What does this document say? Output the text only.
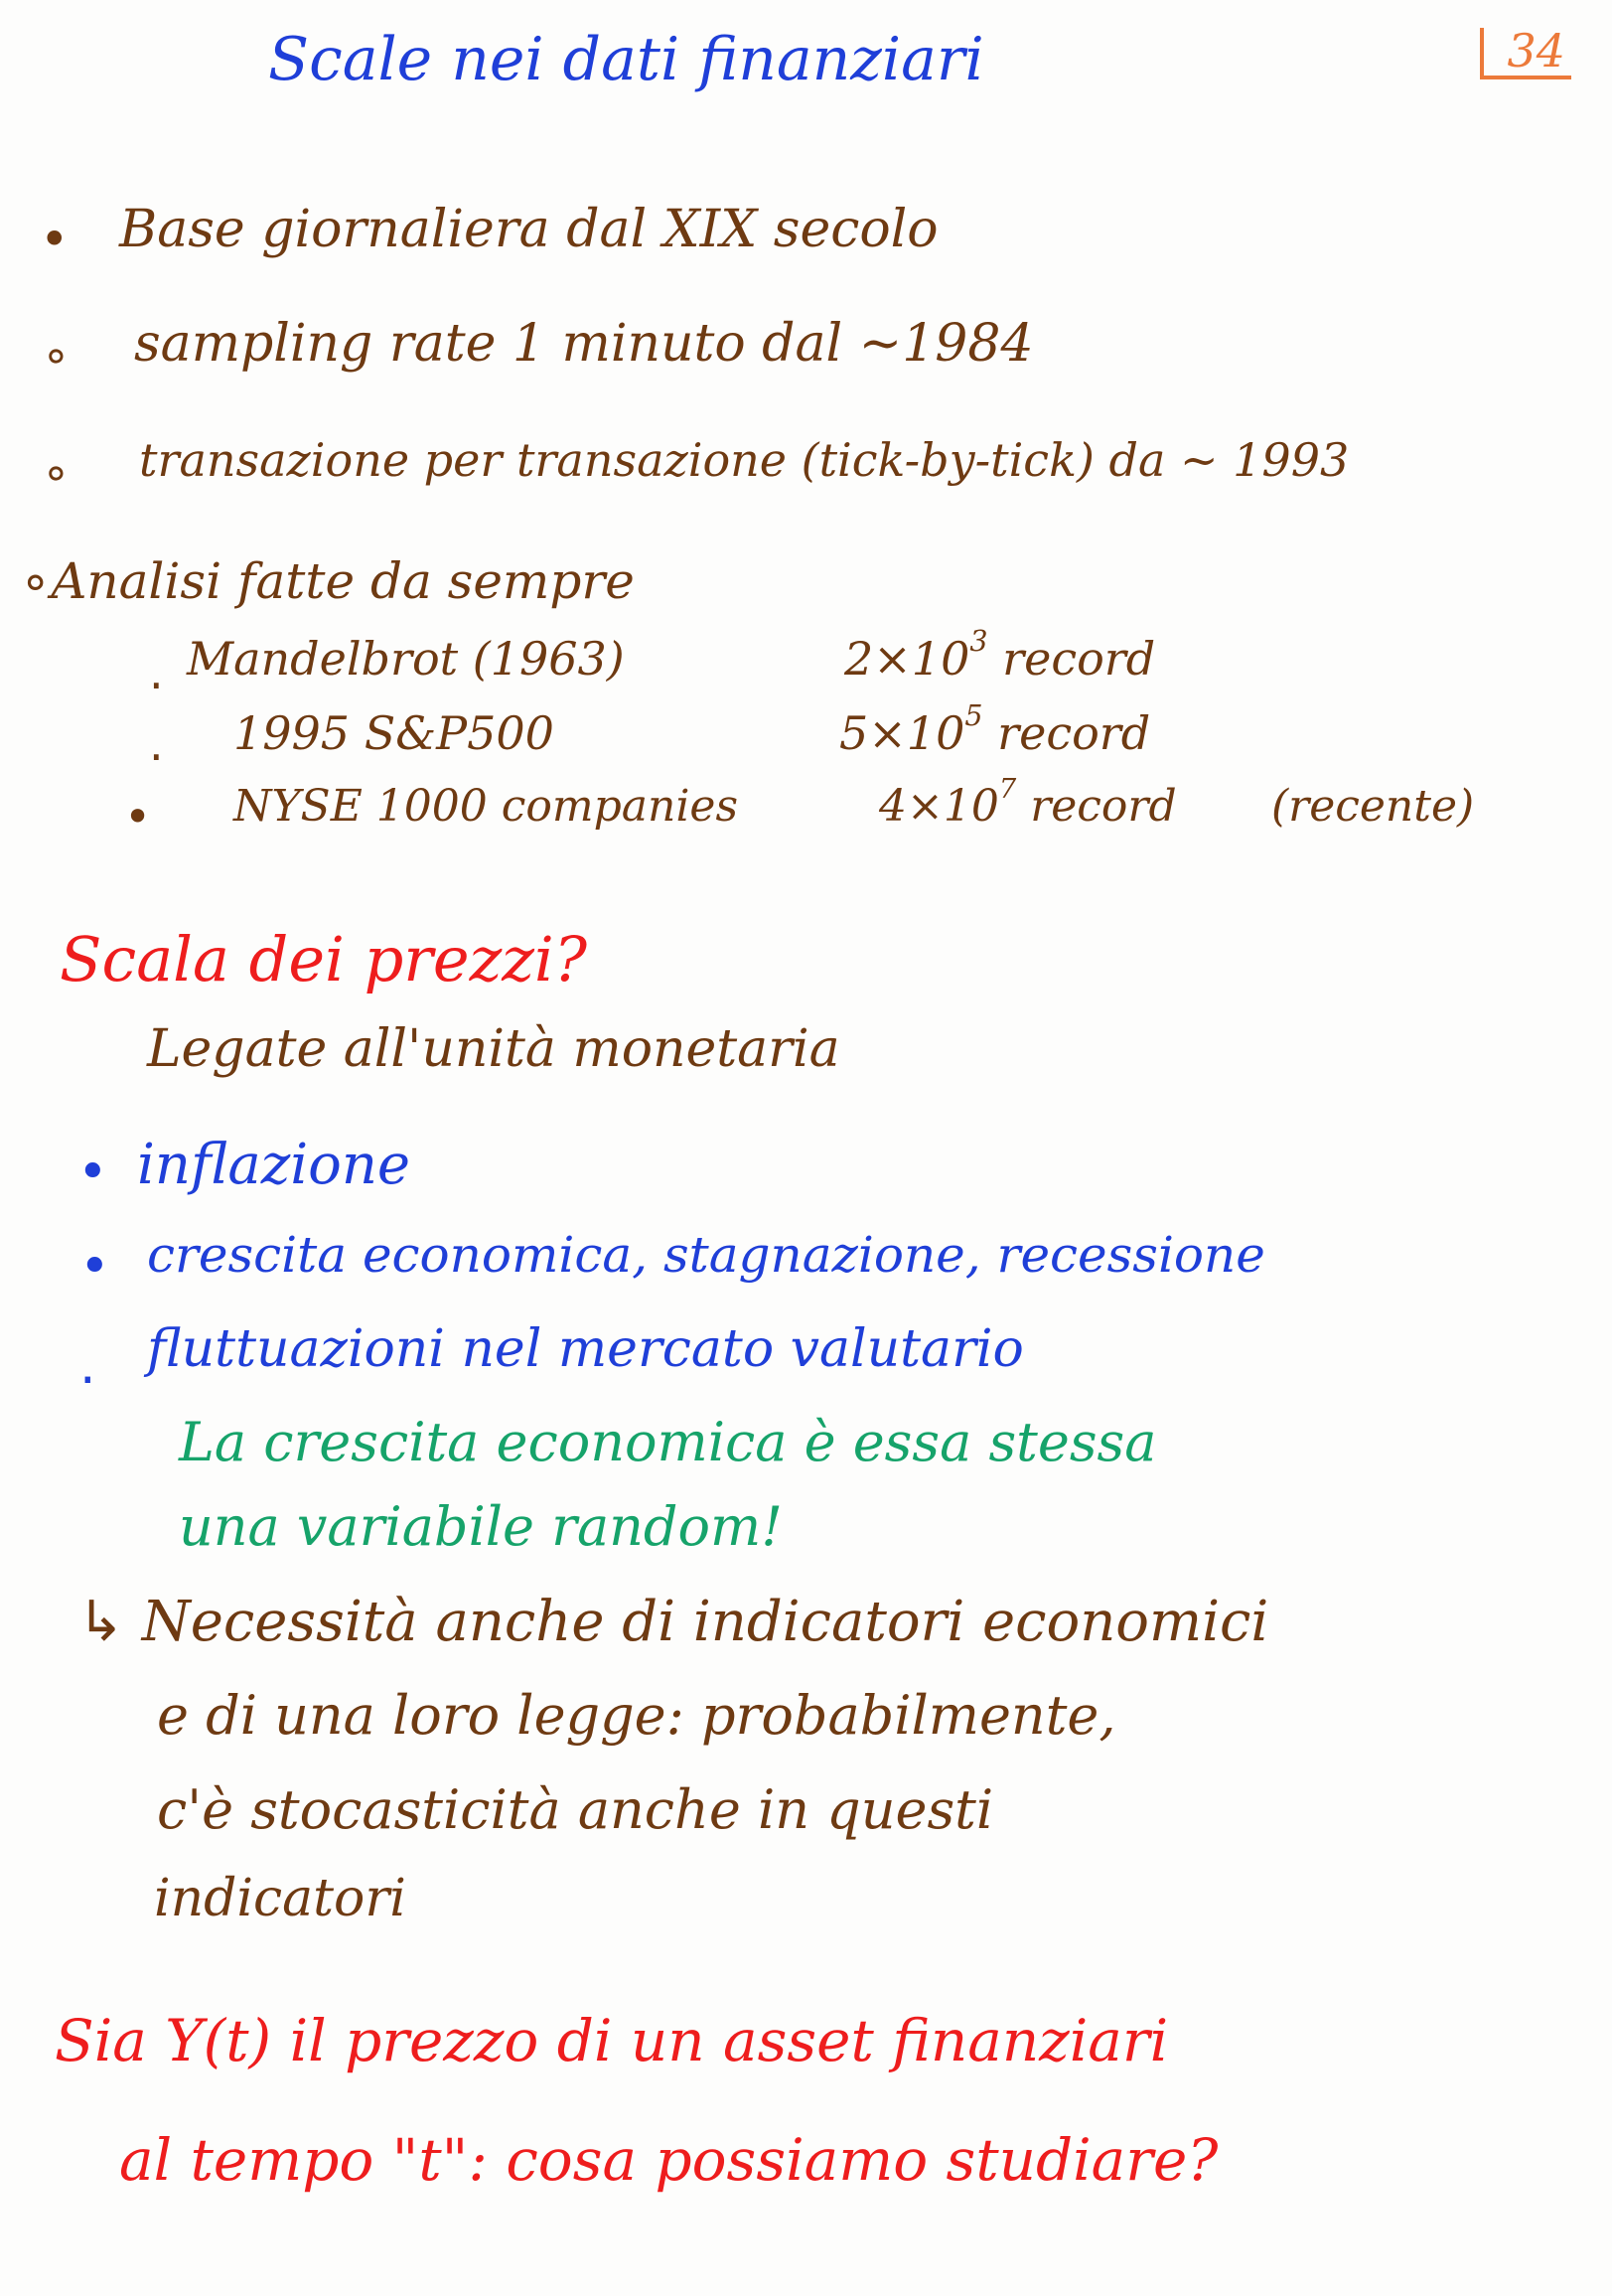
Scale nei dati finanziari	34
• Base giornaliera dal XIX secolo
∘ sampling rate 1 minuto dal ~1984
∘ transazione per transazione (tick-by-tick) da ~ 1993
∘Analisi fatte da sempre
. Mandelbrot (1963)	$2\times 10^3$ record
. 1995 S&P500	$5\times 10^5$ record
• NYSE 1000 companies	$4\times 10^7$ record (recente)
Scala dei prezzi?
Legate all'unità monetaria
• inflazione
• crescita economica, stagnazione, recessione
. fluttuazioni nel mercato valutario
La crescita economica è essa stessa
una variabile random!
↳ Necessità anche di indicatori economici
e di una loro legge: probabilmente,
c'è stocasticità anche in questi
indicatori
Sia Y(t) il prezzo di un asset finanziari
al tempo "t": cosa possiamo studiare?
